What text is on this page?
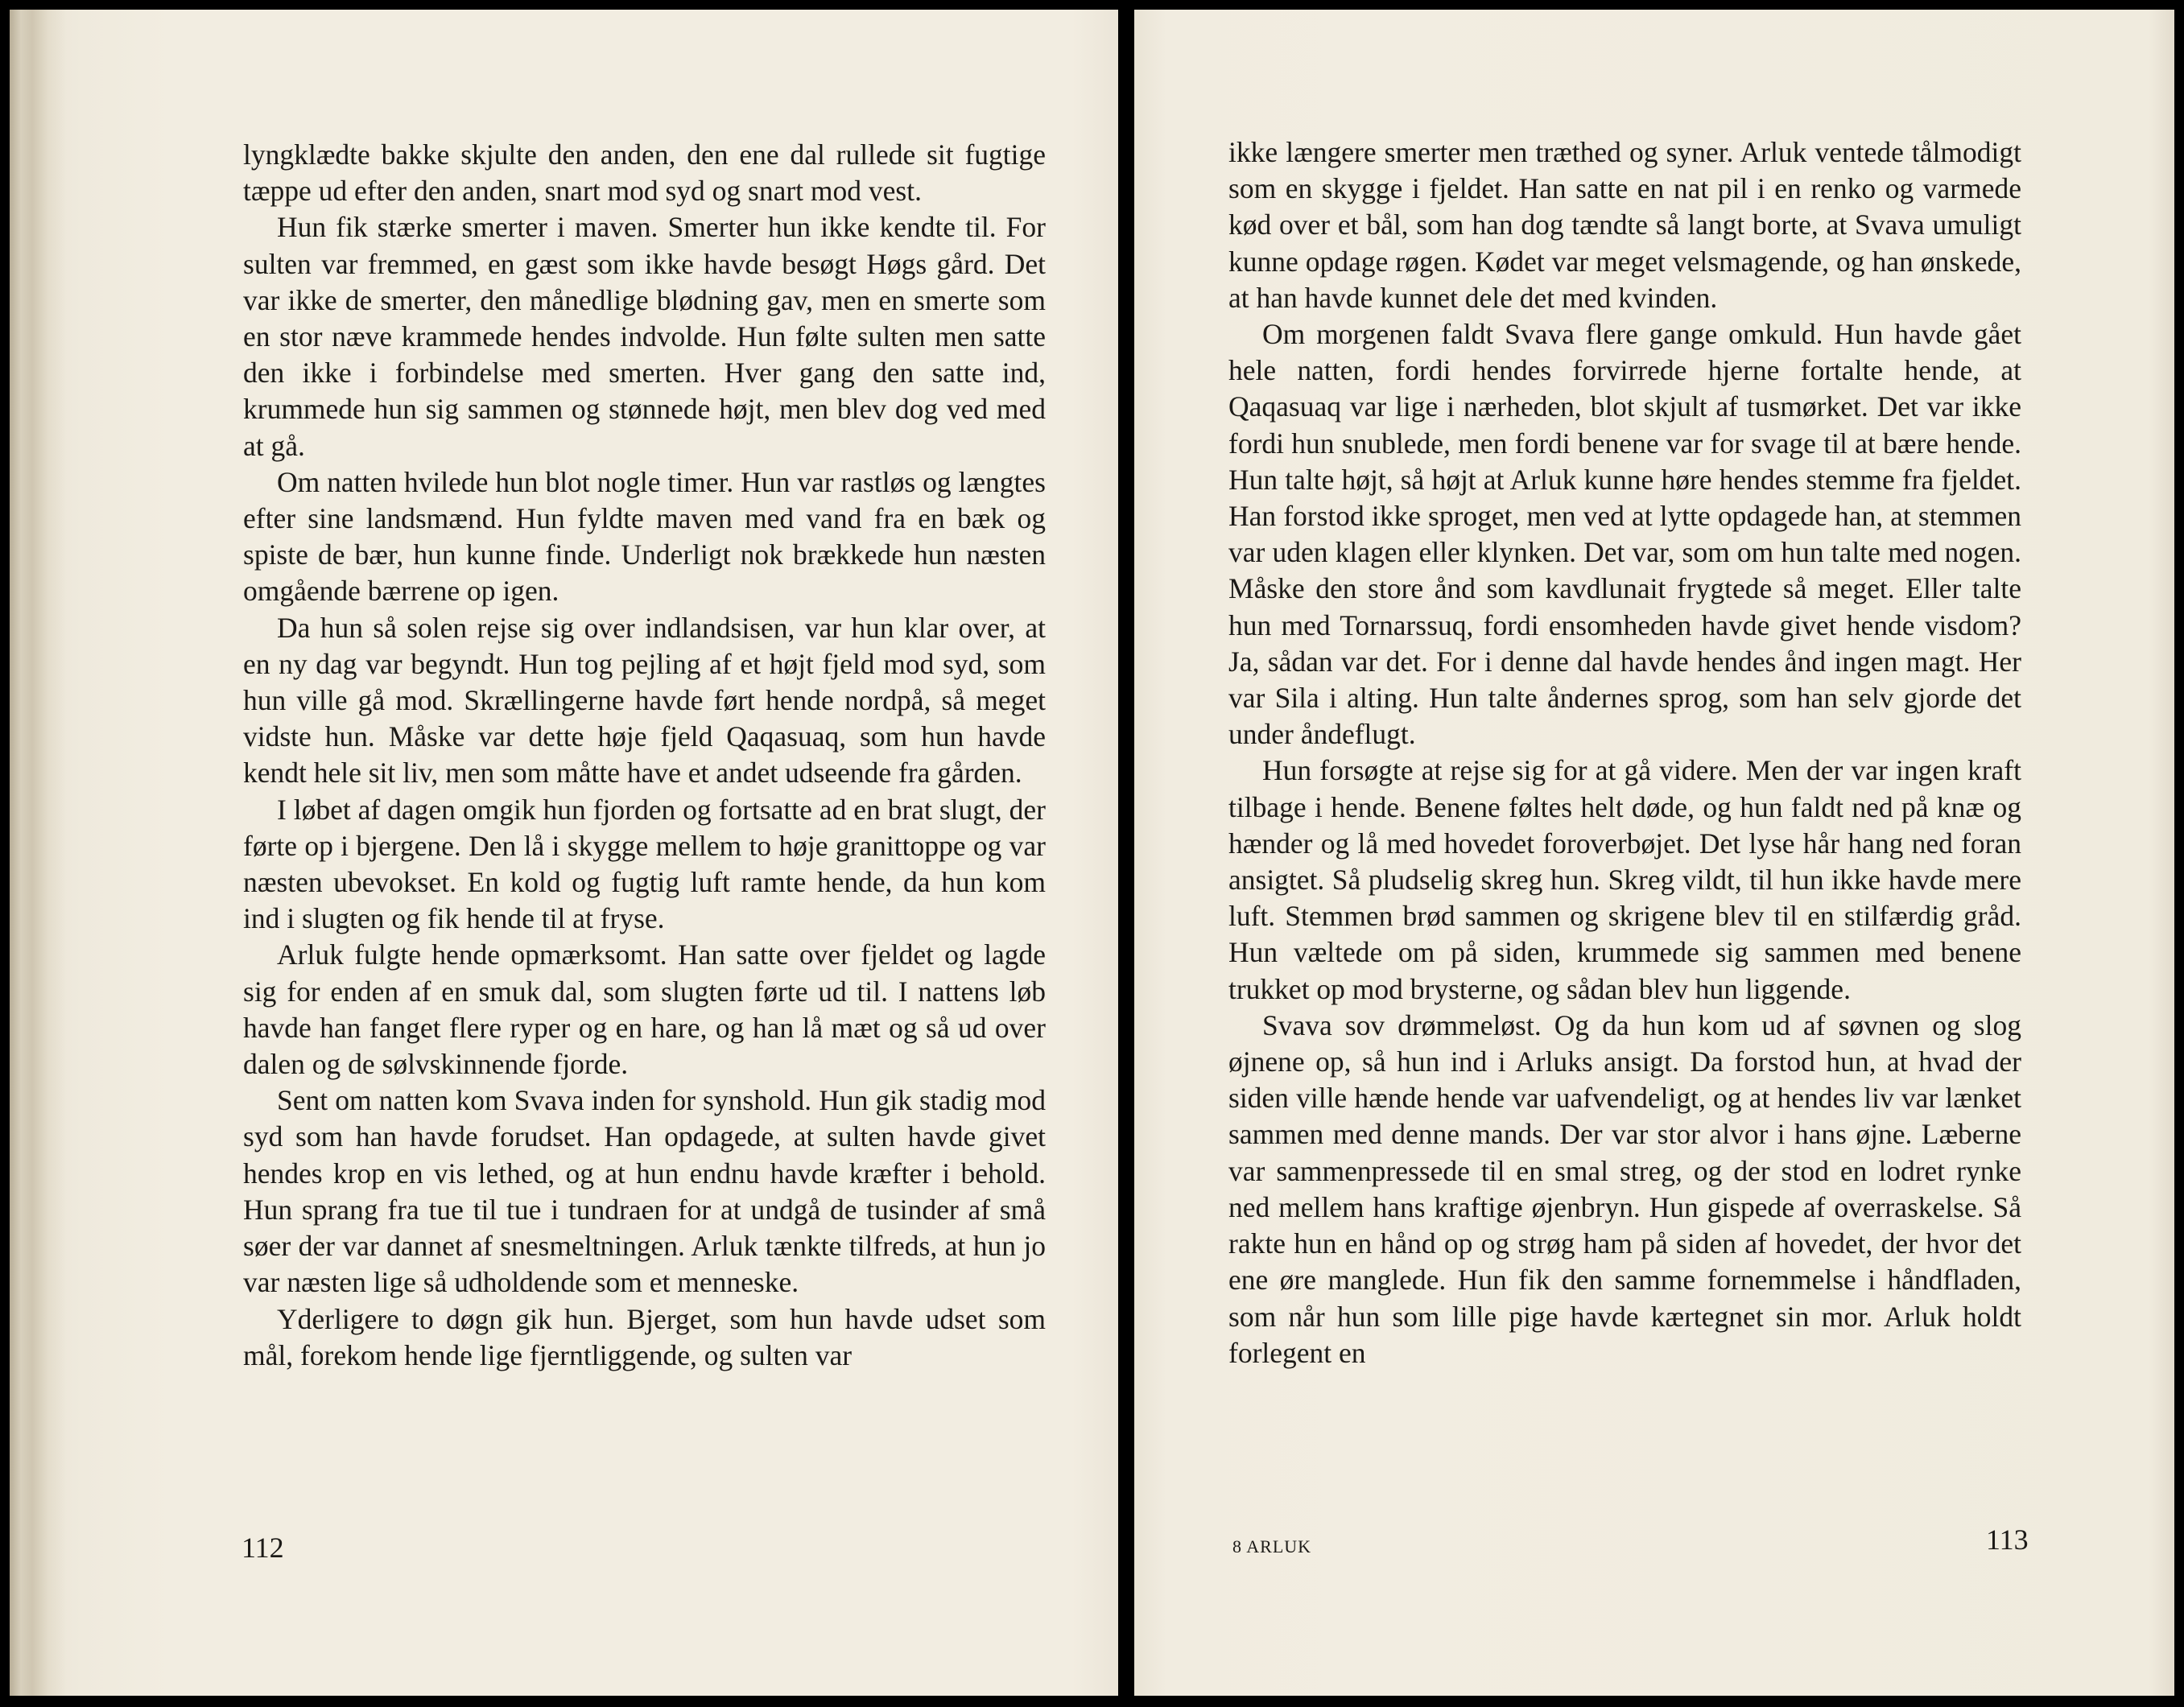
lyngklædte bakke skjulte den anden, den ene dal rullede sit fugtige tæppe ud efter den anden, snart mod syd og snart mod vest.

Hun fik stærke smerter i maven. Smerter hun ikke kendte til. For sulten var fremmed, en gæst som ikke havde besøgt Høgs gård. Det var ikke de smerter, den månedlige blødning gav, men en smerte som en stor næve krammede hendes indvolde. Hun følte sulten men satte den ikke i forbindelse med smerten. Hver gang den satte ind, krummede hun sig sammen og stønnede højt, men blev dog ved med at gå.

Om natten hvilede hun blot nogle timer. Hun var rastløs og længtes efter sine landsmænd. Hun fyldte maven med vand fra en bæk og spiste de bær, hun kunne finde. Underligt nok brækkede hun næsten omgående bærrene op igen.

Da hun så solen rejse sig over indlandsisen, var hun klar over, at en ny dag var begyndt. Hun tog pejling af et højt fjeld mod syd, som hun ville gå mod. Skrællingerne havde ført hende nordpå, så meget vidste hun. Måske var dette høje fjeld Qaqasuaq, som hun havde kendt hele sit liv, men som måtte have et andet udseende fra gården.

I løbet af dagen omgik hun fjorden og fortsatte ad en brat slugt, der førte op i bjergene. Den lå i skygge mellem to høje granittoppe og var næsten ubevokset. En kold og fugtig luft ramte hende, da hun kom ind i slugten og fik hende til at fryse.

Arluk fulgte hende opmærksomt. Han satte over fjeldet og lagde sig for enden af en smuk dal, som slugten førte ud til. I nattens løb havde han fanget flere ryper og en hare, og han lå mæt og så ud over dalen og de sølvskinnende fjorde.

Sent om natten kom Svava inden for synshold. Hun gik stadig mod syd som han havde forudset. Han opdagede, at sulten havde givet hendes krop en vis lethed, og at hun endnu havde kræfter i behold. Hun sprang fra tue til tue i tundraen for at undgå de tusinder af små søer der var dannet af snesmeltningen. Arluk tænkte tilfreds, at hun jo var næsten lige så udholdende som et menneske.

Yderligere to døgn gik hun. Bjerget, som hun havde udset som mål, forekom hende lige fjerntliggende, og sulten var

112

ikke længere smerter men træthed og syner. Arluk ventede tålmodigt som en skygge i fjeldet. Han satte en nat pil i en renko og varmede kød over et bål, som han dog tændte så langt borte, at Svava umuligt kunne opdage røgen. Kødet var meget velsmagende, og han ønskede, at han havde kunnet dele det med kvinden.

Om morgenen faldt Svava flere gange omkuld. Hun havde gået hele natten, fordi hendes forvirrede hjerne fortalte hende, at Qaqasuaq var lige i nærheden, blot skjult af tusmørket. Det var ikke fordi hun snublede, men fordi benene var for svage til at bære hende. Hun talte højt, så højt at Arluk kunne høre hendes stemme fra fjeldet. Han forstod ikke sproget, men ved at lytte opdagede han, at stemmen var uden klagen eller klynken. Det var, som om hun talte med nogen. Måske den store ånd som kavdlunait frygtede så meget. Eller talte hun med Tornarssuq, fordi ensomheden havde givet hende visdom? Ja, sådan var det. For i denne dal havde hendes ånd ingen magt. Her var Sila i alting. Hun talte åndernes sprog, som han selv gjorde det under åndeflugt.

Hun forsøgte at rejse sig for at gå videre. Men der var ingen kraft tilbage i hende. Benene føltes helt døde, og hun faldt ned på knæ og hænder og lå med hovedet foroverbøjet. Det lyse hår hang ned foran ansigtet. Så pludselig skreg hun. Skreg vildt, til hun ikke havde mere luft. Stemmen brød sammen og skrigene blev til en stilfærdig gråd. Hun væltede om på siden, krummede sig sammen med benene trukket op mod brysterne, og sådan blev hun liggende.

Svava sov drømmeløst. Og da hun kom ud af søvnen og slog øjnene op, så hun ind i Arluks ansigt. Da forstod hun, at hvad der siden ville hænde hende var uafvendeligt, og at hendes liv var lænket sammen med denne mands. Der var stor alvor i hans øjne. Læberne var sammenpressede til en smal streg, og der stod en lodret rynke ned mellem hans kraftige øjenbryn. Hun gispede af overraskelse. Så rakte hun en hånd op og strøg ham på siden af hovedet, der hvor det ene øre manglede. Hun fik den samme fornemmelse i håndfladen, som når hun som lille pige havde kærtegnet sin mor. Arluk holdt forlegent en

8 ARLUK	113
